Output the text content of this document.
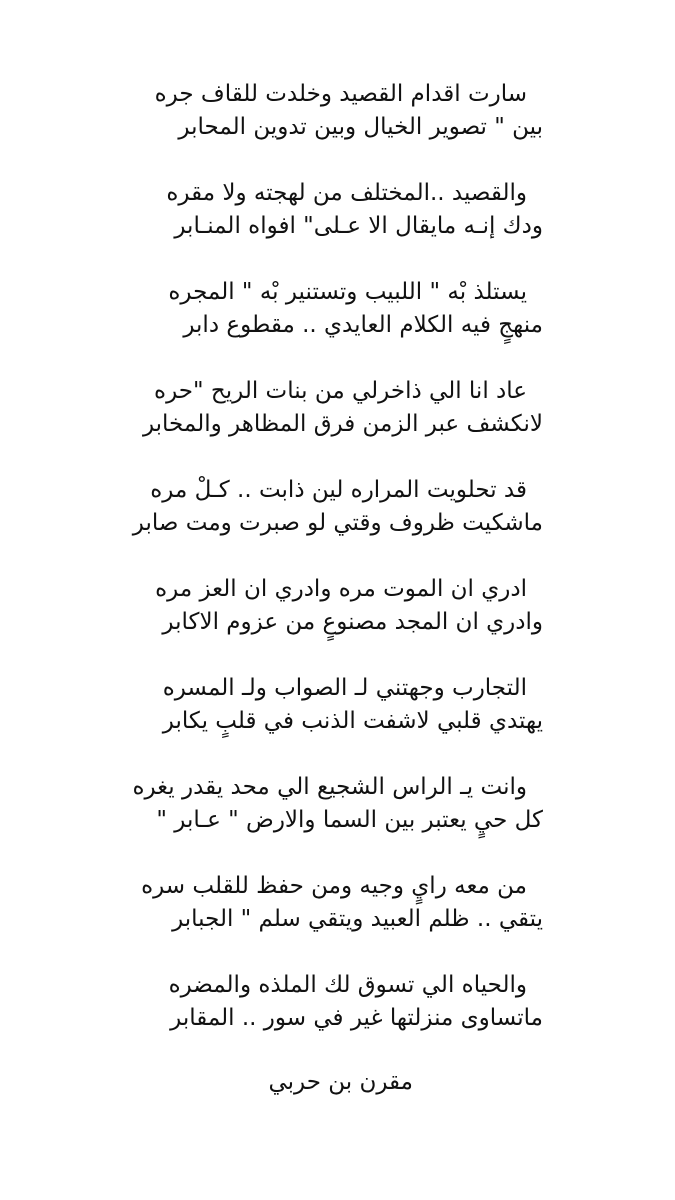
سارت اقدام القصيد وخلدت للقاف جره
بين " تصوير الخيال وبين تدوين المحابر
والقصيد ..المختلف من لهجته ولا مقره
ودك إنـه مايقال الا عـلى" افواه المنـابر
يستلذ بْه " اللبيب وتستنير بْه " المجره
منهجٍ فيه الكلام العايدي .. مقطوع دابر
عاد انا الي ذاخرلي من بنات الريح "حره
لانكشف عبر الزمن فرق المظاهر والمخابر
قد تحلويت المراره لين ذابت .. كـلْ مره
ماشكيت ظروف وقتي لو صبرت ومت صابر
ادري ان الموت مره وادري ان العز مره
وادري ان المجد مصنوعٍ من عزوم الاكابر
التجارب وجهتني لـ الصواب ولـ المسره
يهتدي قلبي لاشفت الذنب في قلبٍ يكابر
وانت يـ الراس الشجيع الي محد يقدر يغره
كل حيٍ يعتبر بين السما والارض " عـابر "
من معه رايٍ وجيه ومن حفظ للقلب سره
يتقي .. ظلم العبيد ويتقي سلم " الجبابر
والحياه الي تسوق لك الملذه والمضره
ماتساوى منزلتها غير في سور .. المقابر
مقرن بن حربي
